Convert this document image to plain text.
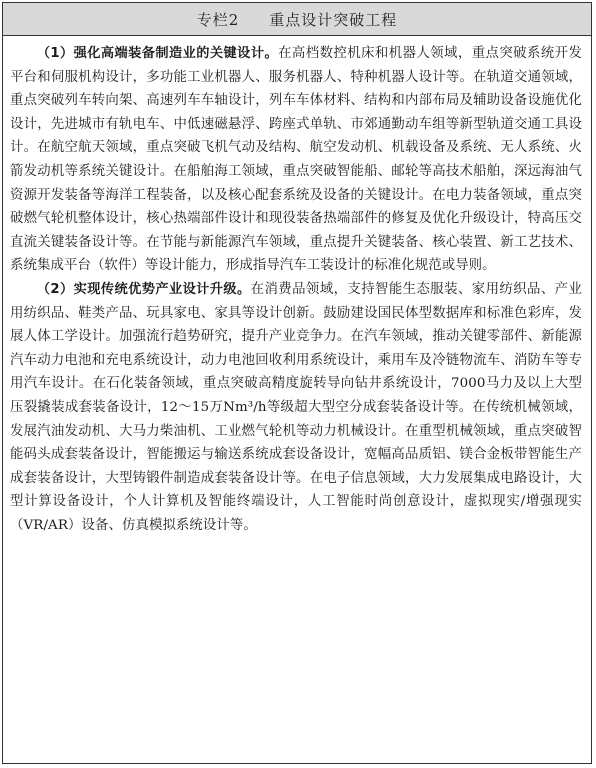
专栏2 重点设计突破工程

（1）强化高端装备制造业的关键设计。在高档数控机床和机器人领域，重点突破系统开发平台和伺服机构设计，多功能工业机器人、服务机器人、特种机器人设计等。在轨道交通领域，重点突破列车转向架、高速列车车轴设计，列车车体材料、结构和内部布局及辅助设备设施优化设计，先进城市有轨电车、中低速磁悬浮、跨座式单轨、市郊通勤动车组等新型轨道交通工具设计。在航空航天领域，重点突破飞机气动及结构、航空发动机、机载设备及系统、无人系统、火箭发动机等系统关键设计。在船舶海工领域，重点突破智能船、邮轮等高技术船舶，深远海油气资源开发装备等海洋工程装备，以及核心配套系统及设备的关键设计。在电力装备领域，重点突破燃气轮机整体设计，核心热端部件设计和现役装备热端部件的修复及优化升级设计，特高压交直流关键装备设计等。在节能与新能源汽车领域，重点提升关键装备、核心装置、新工艺技术、系统集成平台（软件）等设计能力，形成指导汽车工装设计的标准化规范或导则。

（2）实现传统优势产业设计升级。在消费品领域，支持智能生态服装、家用纺织品、产业用纺织品、鞋类产品、玩具家电、家具等设计创新。鼓励建设国民体型数据库和标准色彩库，发展人体工学设计。加强流行趋势研究，提升产业竞争力。在汽车领域，推动关键零部件、新能源汽车动力电池和充电系统设计，动力电池回收利用系统设计，乘用车及冷链物流车、消防车等专用汽车设计。在石化装备领域，重点突破高精度旋转导向钻井系统设计，7000马力及以上大型压裂撬装成套装备设计，12～15万Nm³/h等级超大型空分成套装备设计等。在传统机械领域，发展汽油发动机、大马力柴油机、工业燃气轮机等动力机械设计。在重型机械领域，重点突破智能码头成套装备设计，智能搬运与输送系统成套设备设计，宽幅高品质铝、镁合金板带智能生产成套装备设计，大型铸锻件制造成套装备设计等。在电子信息领域，大力发展集成电路设计，大型计算设备设计，个人计算机及智能终端设计，人工智能时尚创意设计，虚拟现实/增强现实（VR/AR）设备、仿真模拟系统设计等。
